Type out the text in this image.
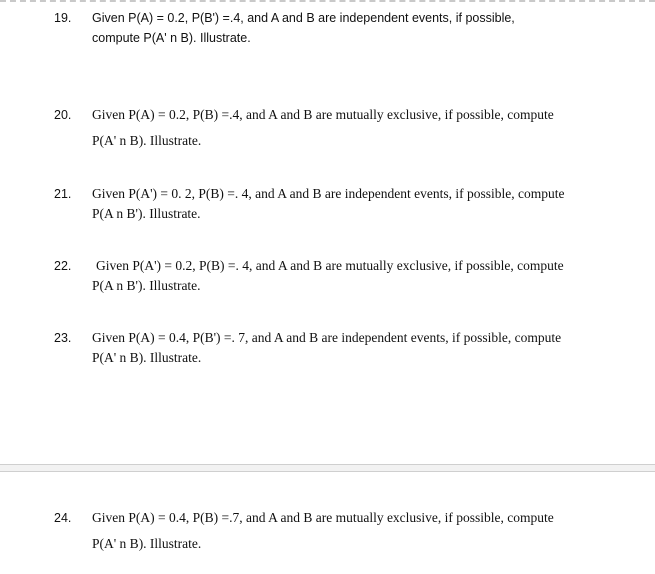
19. Given P(A) = 0.2, P(B') =.4, and A and B are independent events, if possible,
compute P(A' n B). Illustrate.
20. Given P(A) = 0.2, P(B) =.4, and A and B are mutually exclusive, if possible, compute
P(A' n B). Illustrate.
21. Given P(A') = 0. 2, P(B) =. 4, and A and B are independent events, if possible, compute
P(A n B'). Illustrate.
22. Given P(A') = 0.2, P(B) =. 4, and A and B are mutually exclusive, if possible, compute
P(A n B'). Illustrate.
23. Given P(A) = 0.4, P(B') =. 7, and A and B are independent events, if possible, compute
P(A' n B). Illustrate.
24. Given P(A) = 0.4, P(B) =.7, and A and B are mutually exclusive, if possible, compute
P(A' n B). Illustrate.
